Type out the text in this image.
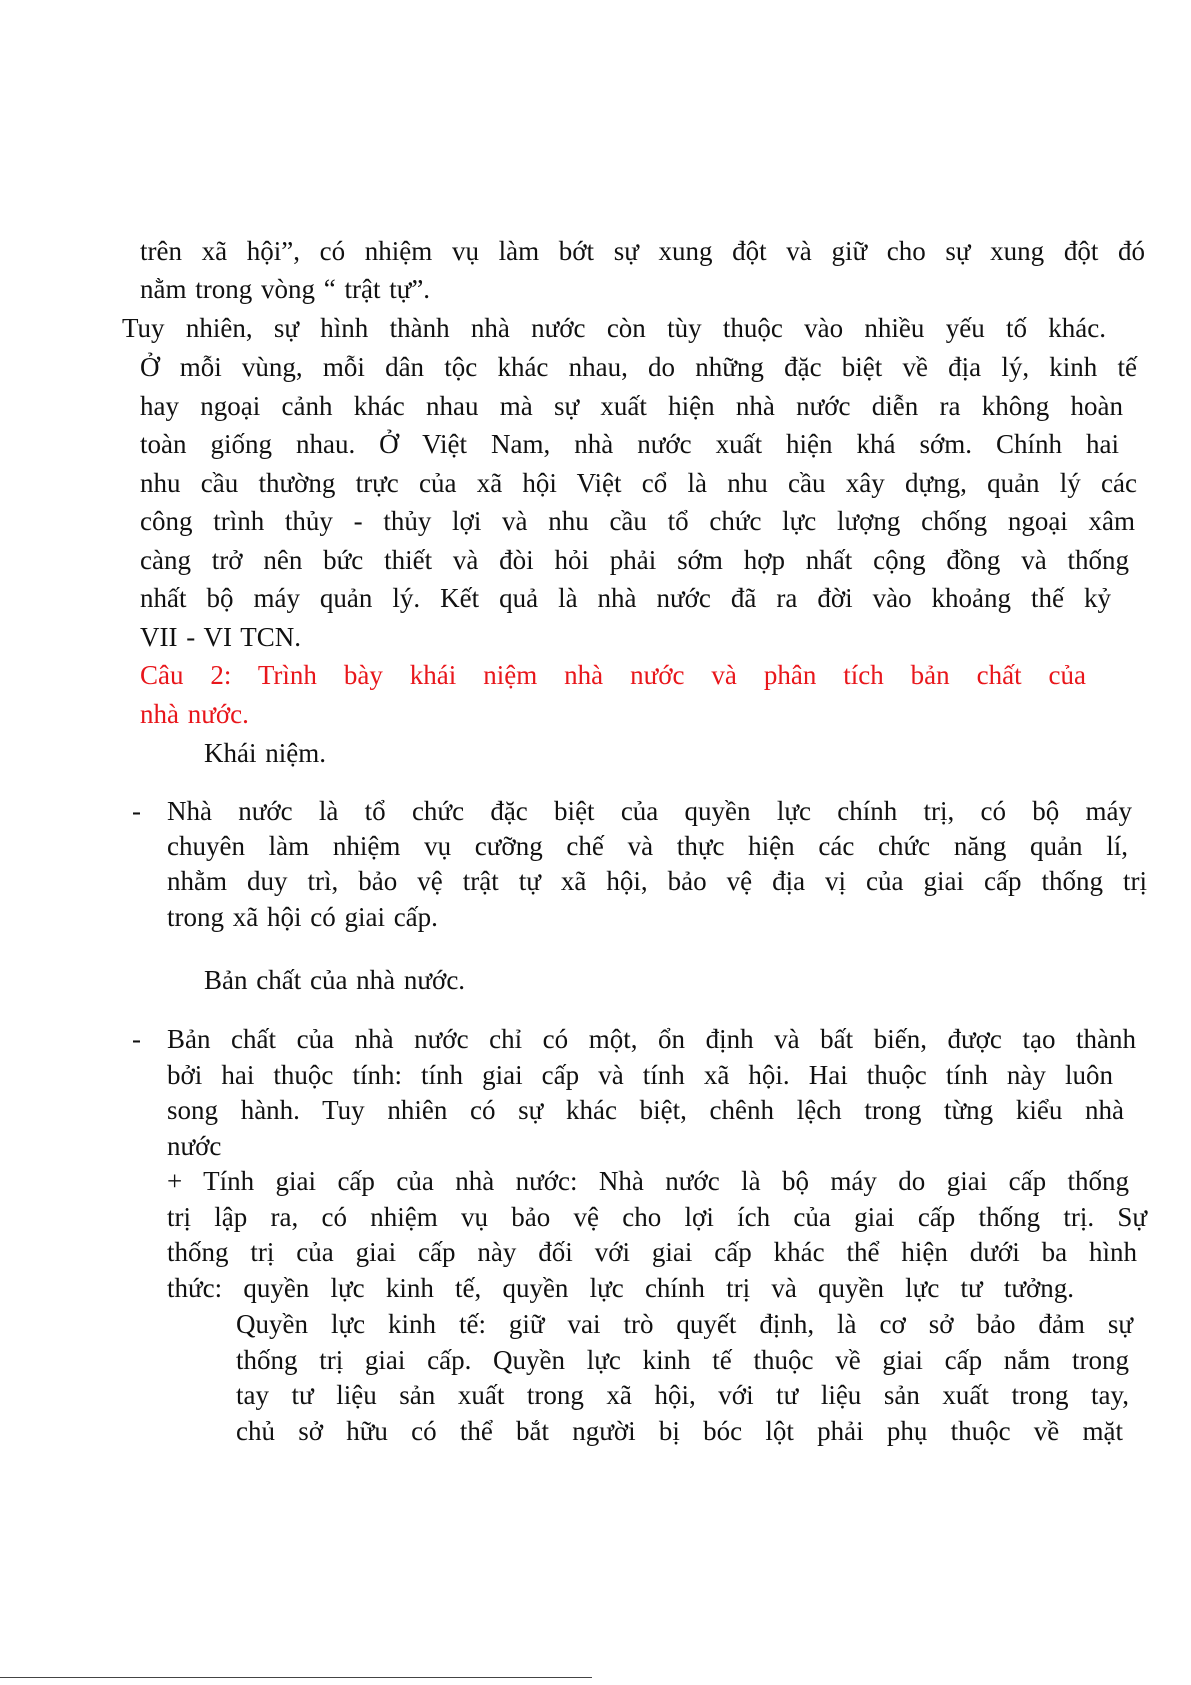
trên xã hội”, có nhiệm vụ làm bớt sự xung đột và giữ cho sự xung đột đó
nằm trong vòng “ trật tự”.
Tuy nhiên, sự hình thành nhà nước còn tùy thuộc vào nhiều yếu tố khác.
Ở mỗi vùng, mỗi dân tộc khác nhau, do những đặc biệt về địa lý, kinh tế
hay ngoại cảnh khác nhau mà sự xuất hiện nhà nước diễn ra không hoàn
toàn giống nhau. Ở Việt Nam, nhà nước xuất hiện khá sớm. Chính hai
nhu cầu thường trực của xã hội Việt cổ là nhu cầu xây dựng, quản lý các
công trình thủy - thủy lợi và nhu cầu tổ chức lực lượng chống ngoại xâm
càng trở nên bức thiết và đòi hỏi phải sớm hợp nhất cộng đồng và thống
nhất bộ máy quản lý. Kết quả là nhà nước đã ra đời vào khoảng thế kỷ
VII - VI TCN.
Câu 2: Trình bày khái niệm nhà nước và phân tích bản chất của
nhà nước.
Khái niệm.
- Nhà nước là tổ chức đặc biệt của quyền lực chính trị, có bộ máy
chuyên làm nhiệm vụ cưỡng chế và thực hiện các chức năng quản lí,
nhằm duy trì, bảo vệ trật tự xã hội, bảo vệ địa vị của giai cấp thống trị
trong xã hội có giai cấp.
Bản chất của nhà nước.
- Bản chất của nhà nước chỉ có một, ổn định và bất biến, được tạo thành
bởi hai thuộc tính: tính giai cấp và tính xã hội. Hai thuộc tính này luôn
song hành. Tuy nhiên có sự khác biệt, chênh lệch trong từng kiểu nhà
nước
+ Tính giai cấp của nhà nước: Nhà nước là bộ máy do giai cấp thống
trị lập ra, có nhiệm vụ bảo vệ cho lợi ích của giai cấp thống trị. Sự
thống trị của giai cấp này đối với giai cấp khác thể hiện dưới ba hình
thức: quyền lực kinh tế, quyền lực chính trị và quyền lực tư tưởng.
Quyền lực kinh tế: giữ vai trò quyết định, là cơ sở bảo đảm sự
thống trị giai cấp. Quyền lực kinh tế thuộc về giai cấp nắm trong
tay tư liệu sản xuất trong xã hội, với tư liệu sản xuất trong tay,
chủ sở hữu có thể bắt người bị bóc lột phải phụ thuộc về mặt
